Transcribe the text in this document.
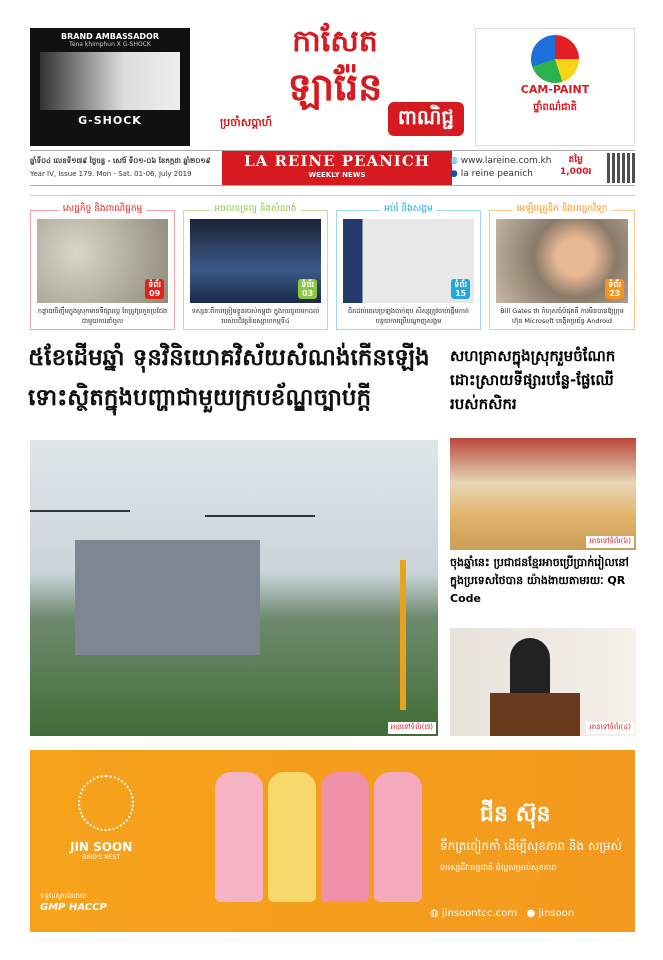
BRAND AMBASSADOR
Tena khimphun X G-SHOCK
G-SHOCK
កាសែត
ឡារ៉ែន
ប្រចាំសប្តាហ៍	ពាណិជ្ជ
CAM-PAINT
ថ្នាំពណ៌ជាតិ
ឆ្នាំទី០៤ លេខទី១៧៩ ថ្ងៃចន្ទ - សៅរ៍ ទី០១-០៦ ខែកក្កដា ឆ្នាំ២០១៩
Year IV, Issue 179. Mon - Sat. 01-06, July 2019
LA REINE PEANICH
WEEKLY NEWS
◍ www.lareine.com.kh
● la reine peanich
តម្លៃ
1,000៛
សេដ្ឋកិច្ច និងពាណិជ្ជកម្ម
ទំព័រ
09
កន្ទាយចិញ្ចឹមក្នុងស្រុកមានទីផ្សារល្អ តែត្រូវប្រកួតប្រជែងជាមួយការនាំចូល
អចលនទ្រព្យ និងសំណង់
ទំព័រ
03
ទស្សនៈពីការត្រៀមខ្លួនរបស់កម្ពុជា ក្នុងការចូលមកដល់របស់បដិវត្តន៍ឧស្សាហកម្មទី៤
អប់រំ និងសង្គម
ទំព័រ
15
ជិតដល់ពេលប្រឡងបាក់ឌុប សិស្សត្រូវចាប់ផ្តើមកាត់បន្ថយការប្រើបណ្តាញសង្គម
អេឡិចត្រូនិក និងបច្ចេកវិទ្យា
ទំព័រ
23
Bill Gates ថា កំហុសធំបំផុតគឺ ការមិនបានឱ្យក្រុមហ៊ុន Microsoft បង្កើតប្រព័ន្ធ Android
៥ខែដើមឆ្នាំ ទុនវិនិយោគវិស័យសំណង់កើនឡើង ទោះស្ថិតក្នុងបញ្ហាជាមួយក្របខ័ណ្ឌច្បាប់ក្តី
អានទៅទំព័រ(៧)
សហគ្រាសក្នុងស្រុករួមចំណែកដោះស្រាយទីផ្សារបន្លែ-ផ្លែឈើរបស់កសិករ
អានទៅទំព័រ(៦)
ចុងឆ្នាំនេះ ប្រជាជនខ្មែរអាចប្រើប្រាក់រៀលនៅក្នុងប្រទេសថៃបាន យ៉ាងងាយតាមរយៈ QR Code
អានទៅទំព័រ(៤)
JIN SOON
BIRD'S NEST
ទទួលស្គាល់ដោយ
GMP HACCP
ជីន ស៊ុន
ទឹកត្រចៀកកាំ ដើម្បីសុខភាព និង សម្រស់
អេសេ្សជីវៈធម្មជាតិ ដ៏ល្អសម្រាប់សុខភាព
◍ jinsoontcc.com ● jinsoon
